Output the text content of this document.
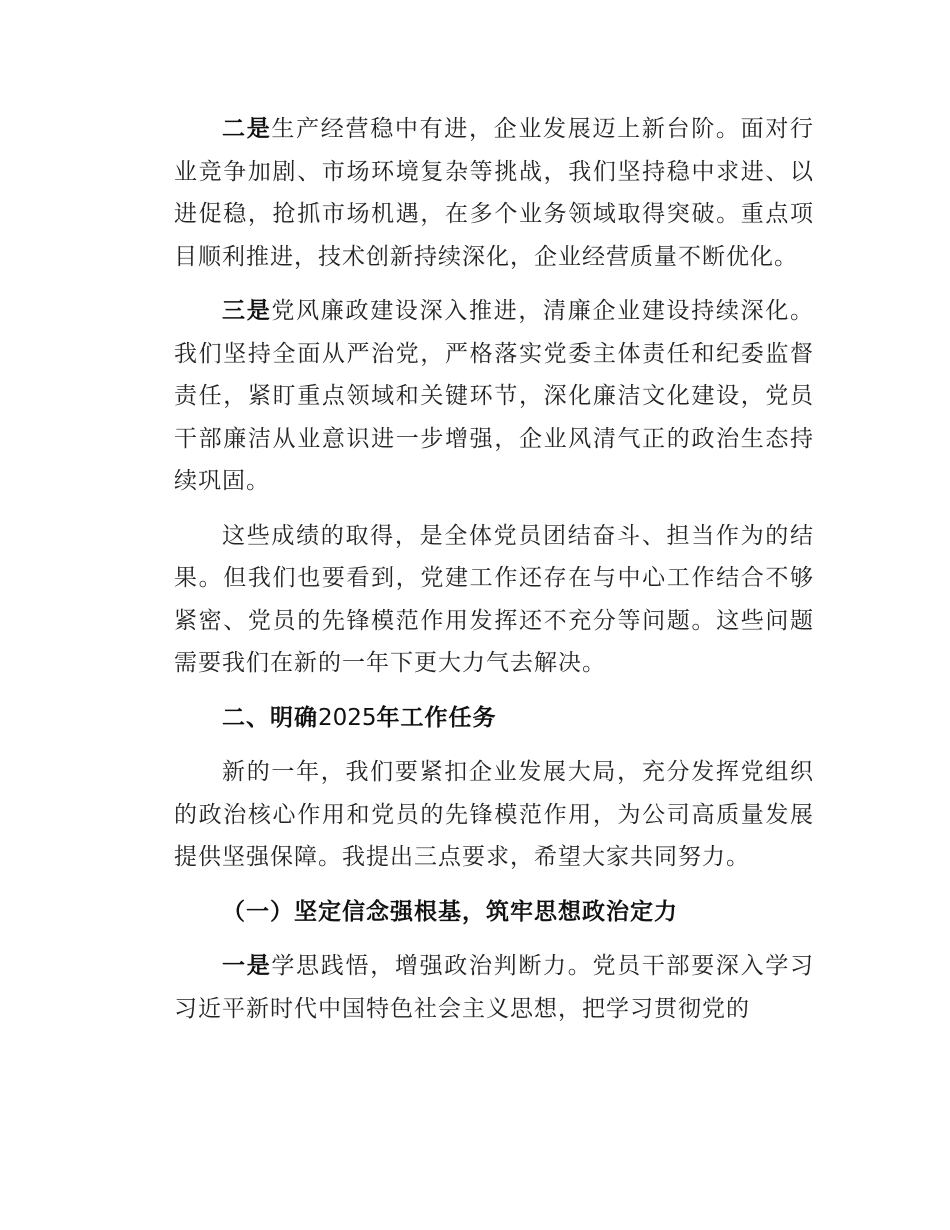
二是生产经营稳中有进，企业发展迈上新台阶。面对行业竞争加剧、市场环境复杂等挑战，我们坚持稳中求进、以进促稳，抢抓市场机遇，在多个业务领域取得突破。重点项目顺利推进，技术创新持续深化，企业经营质量不断优化。

三是党风廉政建设深入推进，清廉企业建设持续深化。我们坚持全面从严治党，严格落实党委主体责任和纪委监督责任，紧盯重点领域和关键环节，深化廉洁文化建设，党员干部廉洁从业意识进一步增强，企业风清气正的政治生态持续巩固。

这些成绩的取得，是全体党员团结奋斗、担当作为的结果。但我们也要看到，党建工作还存在与中心工作结合不够紧密、党员的先锋模范作用发挥还不充分等问题。这些问题需要我们在新的一年下更大力气去解决。

二、明确2025年工作任务

新的一年，我们要紧扣企业发展大局，充分发挥党组织的政治核心作用和党员的先锋模范作用，为公司高质量发展提供坚强保障。我提出三点要求，希望大家共同努力。

（一）坚定信念强根基，筑牢思想政治定力

一是学思践悟，增强政治判断力。党员干部要深入学习习近平新时代中国特色社会主义思想，把学习贯彻党的
